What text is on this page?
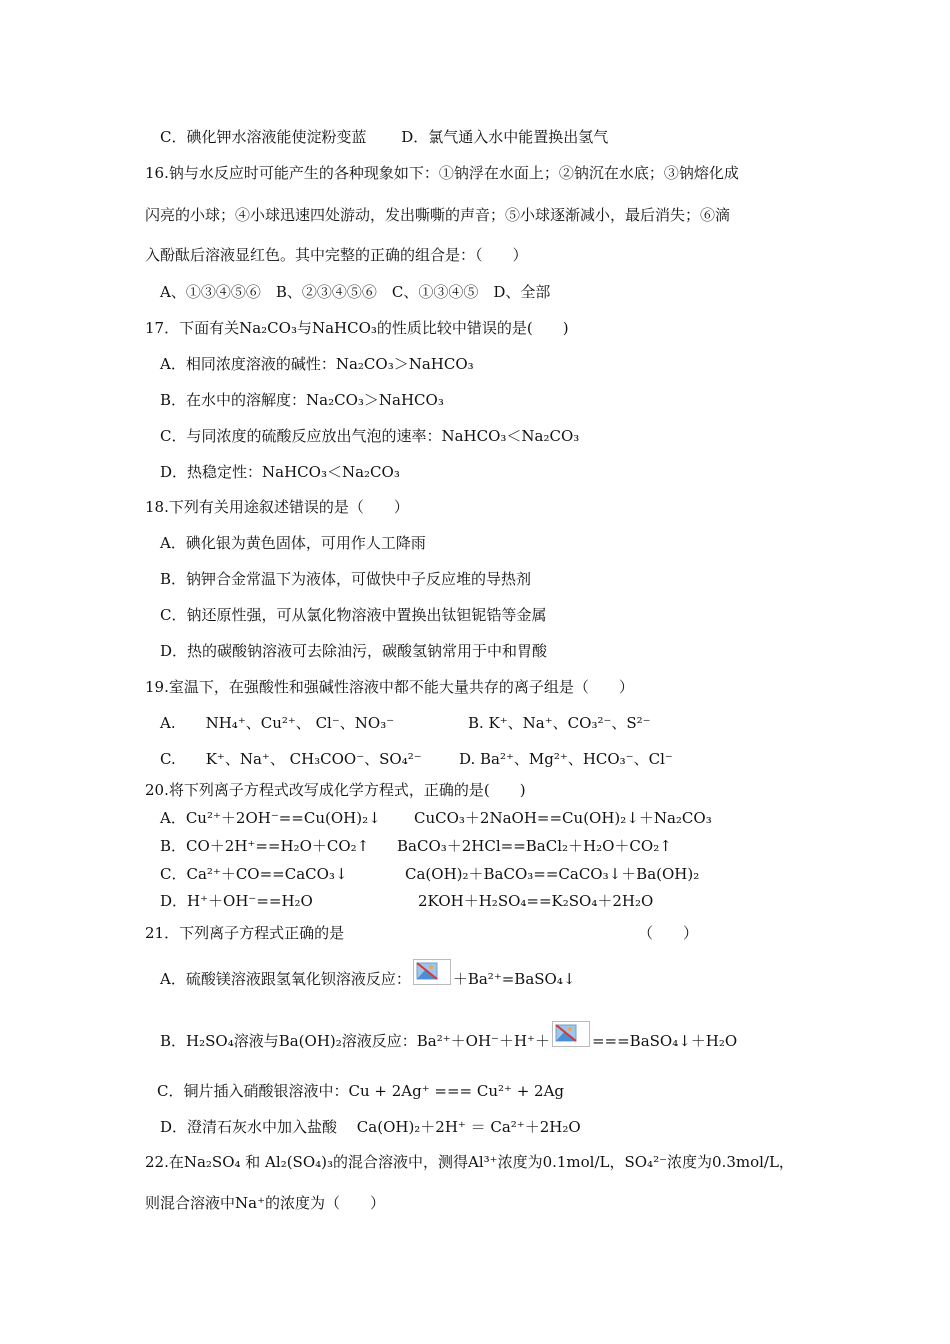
C．碘化钾水溶液能使淀粉变蓝　　 D．氯气通入水中能置换出氢气
16.钠与水反应时可能产生的各种现象如下：①钠浮在水面上；②钠沉在水底；③钠熔化成
闪亮的小球；④小球迅速四处游动，发出嘶嘶的声音；⑤小球逐渐减小，最后消失；⑥滴
入酚酞后溶液显红色。其中完整的正确的组合是：（　　）
A、①③④⑤⑥　B、②③④⑤⑥　C、①③④⑤　D、全部
17．下面有关Na₂CO₃与NaHCO₃的性质比较中错误的是(　　)
A．相同浓度溶液的碱性：Na₂CO₃＞NaHCO₃
B．在水中的溶解度：Na₂CO₃＞NaHCO₃
C．与同浓度的硫酸反应放出气泡的速率：NaHCO₃＜Na₂CO₃
D．热稳定性：NaHCO₃＜Na₂CO₃
18.下列有关用途叙述错误的是（　　）
A．碘化银为黄色固体，可用作人工降雨
B．钠钾合金常温下为液体，可做快中子反应堆的导热剂
C．钠还原性强，可从氯化物溶液中置换出钛钽铌锆等金属
D．热的碳酸钠溶液可去除油污，碳酸氢钠常用于中和胃酸
19.室温下，在强酸性和强碱性溶液中都不能大量共存的离子组是（　　）
A.　　NH₄⁺、Cu²⁺、 Cl⁻、NO₃⁻	B. K⁺、Na⁺、CO₃²⁻、S²⁻
C.　　K⁺、Na⁺、 CH₃COO⁻、SO₄²⁻ D. Ba²⁺、Mg²⁺、HCO₃⁻、Cl⁻
20.将下列离子方程式改写成化学方程式，正确的是(　　)
A．Cu²⁺＋2OH⁻==Cu(OH)₂↓ CuCO₃＋2NaOH==Cu(OH)₂↓＋Na₂CO₃
B．CO＋2H⁺==H₂O＋CO₂↑ BaCO₃＋2HCl==BaCl₂＋H₂O＋CO₂↑
C．Ca²⁺＋CO==CaCO₃↓	Ca(OH)₂＋BaCO₃==CaCO₃↓＋Ba(OH)₂
D．H⁺＋OH⁻==H₂O	2KOH＋H₂SO₄==K₂SO₄＋2H₂O
21．下列离子方程式正确的是	（　　）
A．硫酸镁溶液跟氢氧化钡溶液反应：	＋Ba²⁺=BaSO₄↓
B．H₂SO₄溶液与Ba(OH)₂溶液反应：Ba²⁺＋OH⁻＋H⁺＋	===BaSO₄↓＋H₂O
C．铜片插入硝酸银溶液中：Cu + 2Ag⁺ === Cu²⁺ + 2Ag
D．澄清石灰水中加入盐酸　 Ca(OH)₂＋2H⁺ ＝ Ca²⁺＋2H₂O
22.在Na₂SO₄ 和 Al₂(SO₄)₃的混合溶液中，测得Al³⁺浓度为0.1mol/L，SO₄²⁻浓度为0.3mol/L，
则混合溶液中Na⁺的浓度为（　　）
